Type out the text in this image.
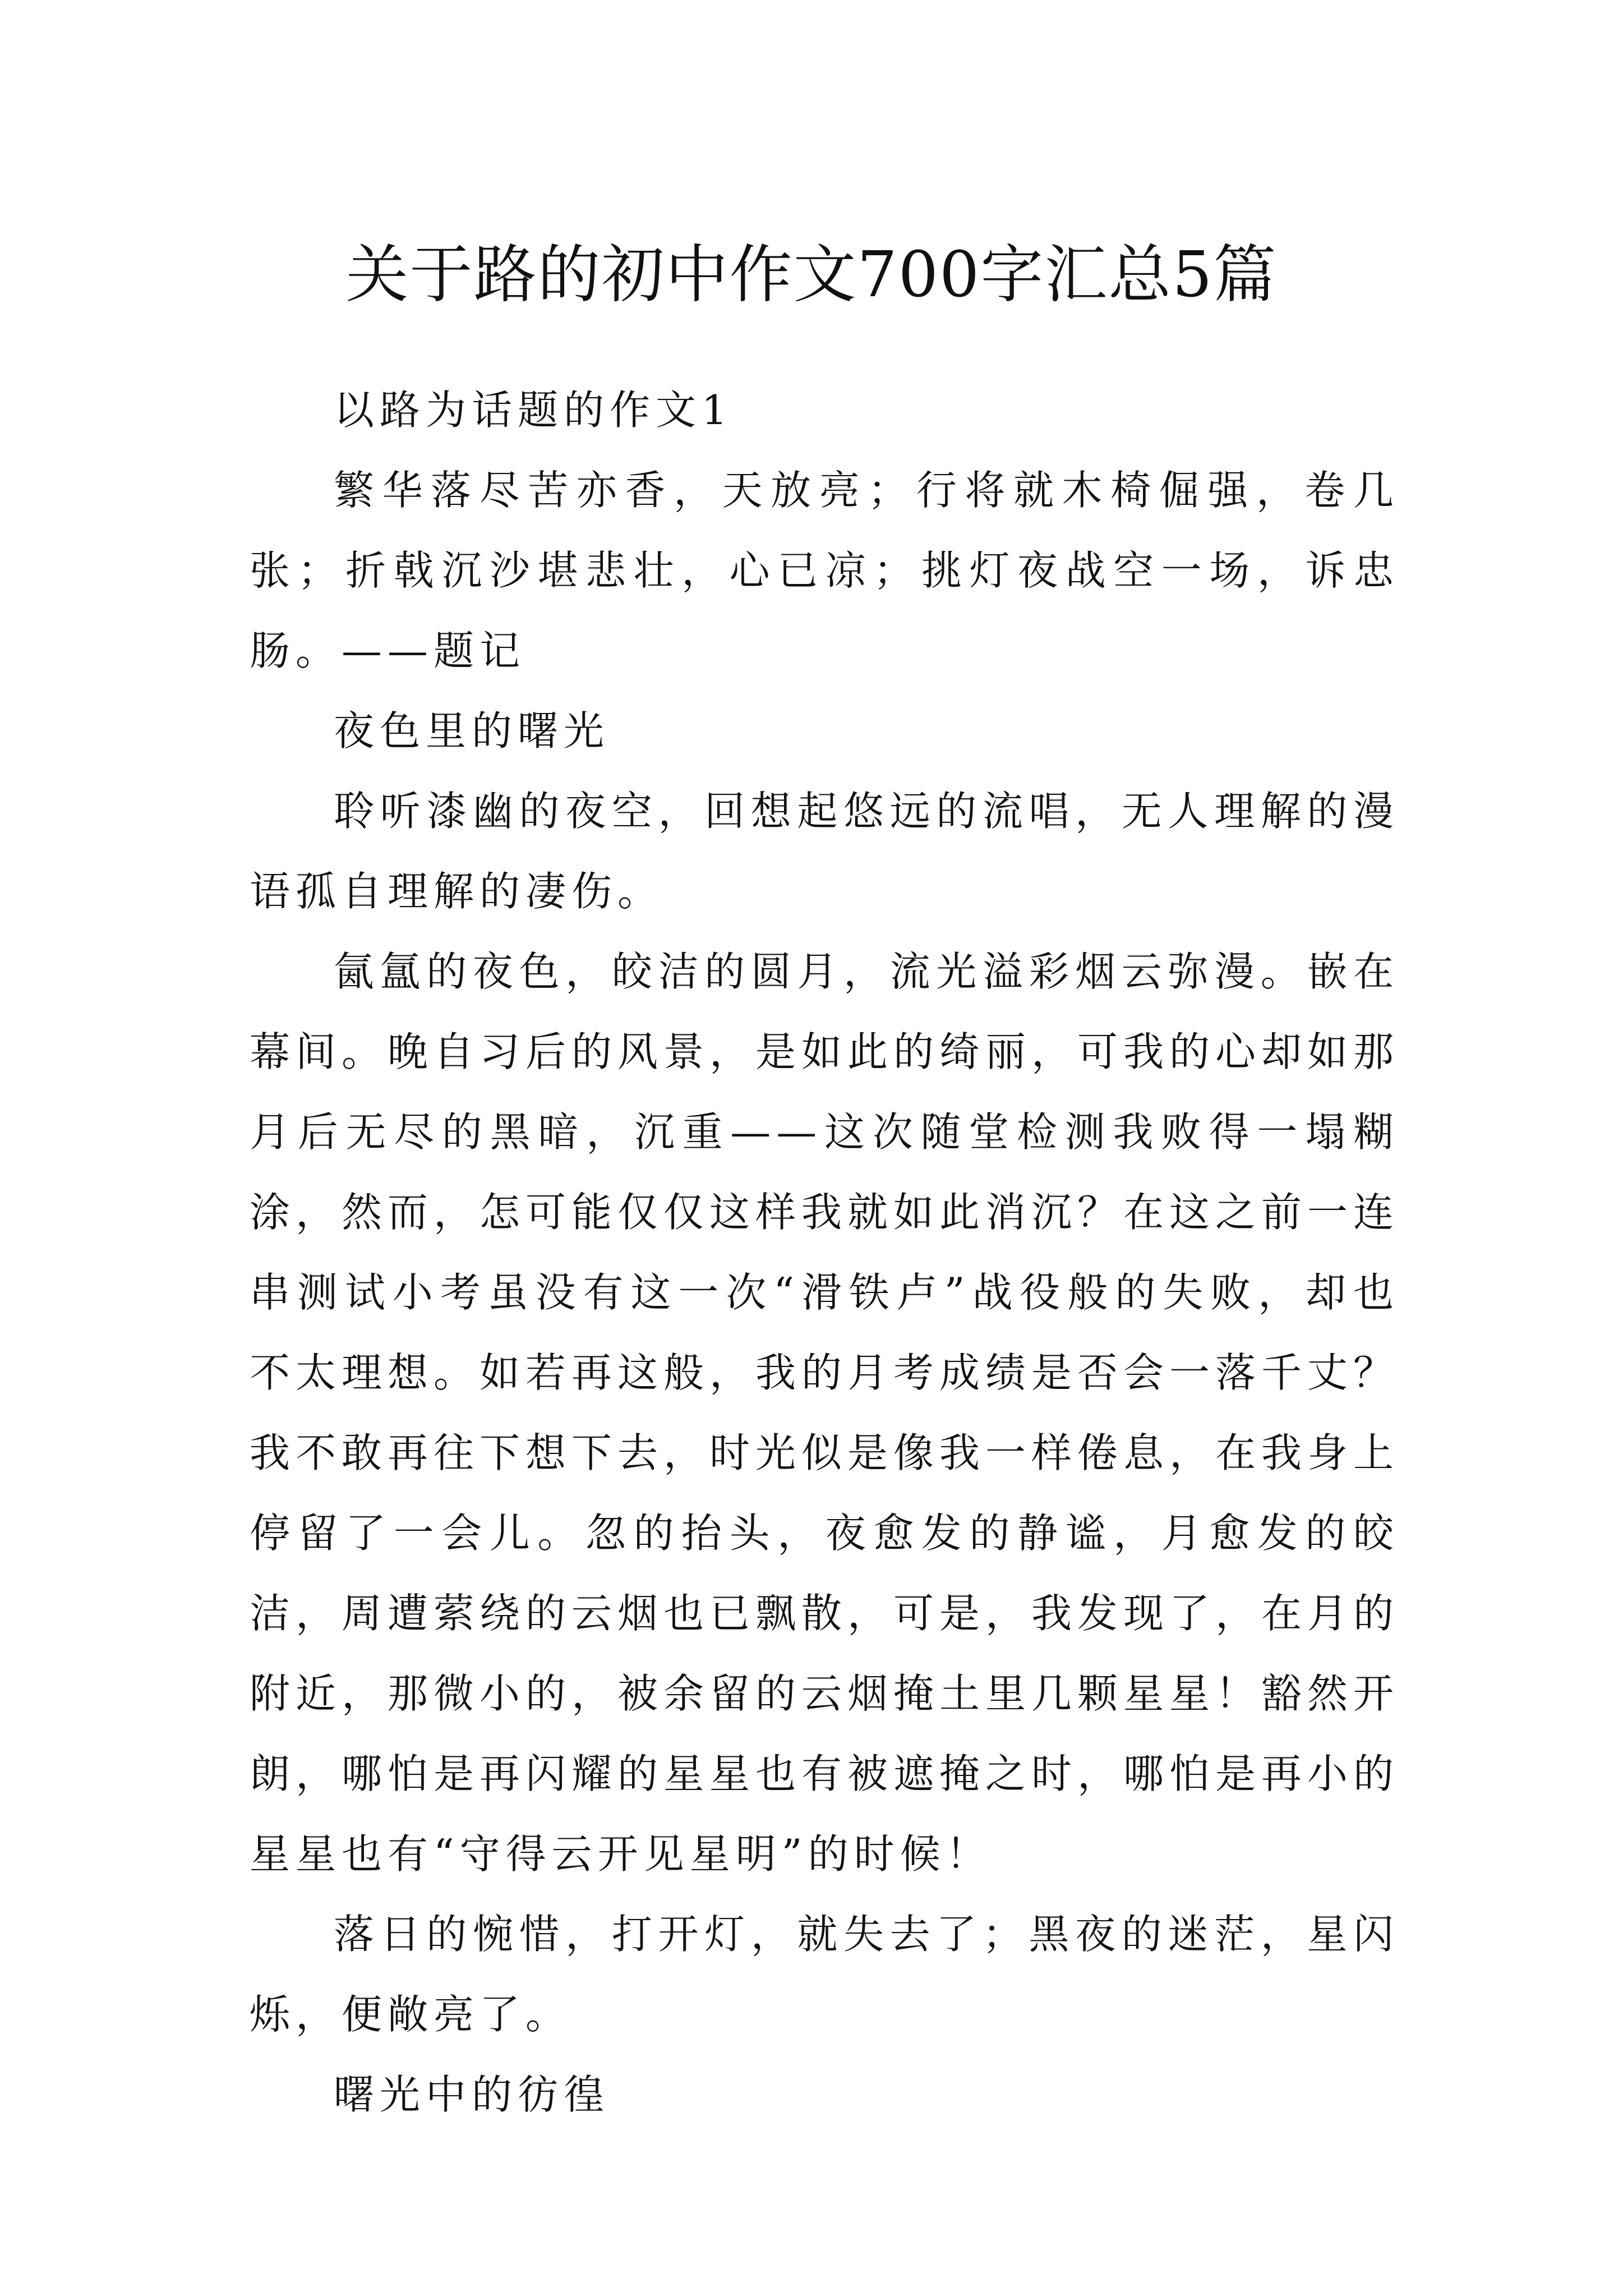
关于路的初中作文700字汇总5篇

以路为话题的作文1

繁华落尽苦亦香，天放亮；行将就木椅倔强，卷几张；折戟沉沙堪悲壮，心已凉；挑灯夜战空一场，诉忠肠。——题记

夜色里的曙光

聆听漆幽的夜空，回想起悠远的流唱，无人理解的漫语孤自理解的凄伤。

氤氲的夜色，皎洁的圆月，流光溢彩烟云弥漫。嵌在幕间。晚自习后的风景，是如此的绮丽，可我的心却如那月后无尽的黑暗，沉重——这次随堂检测我败得一塌糊涂，然而，怎可能仅仅这样我就如此消沉？在这之前一连串测试小考虽没有这一次“滑铁卢”战役般的失败，却也不太理想。如若再这般，我的月考成绩是否会一落千丈？我不敢再往下想下去，时光似是像我一样倦息，在我身上停留了一会儿。忽的抬头，夜愈发的静谧，月愈发的皎洁，周遭萦绕的云烟也已飘散，可是，我发现了，在月的附近，那微小的，被余留的云烟掩土里几颗星星！豁然开朗，哪怕是再闪耀的星星也有被遮掩之时，哪怕是再小的星星也有“守得云开见星明”的时候！

落日的惋惜，打开灯，就失去了；黑夜的迷茫，星闪烁，便敞亮了。

曙光中的彷徨
